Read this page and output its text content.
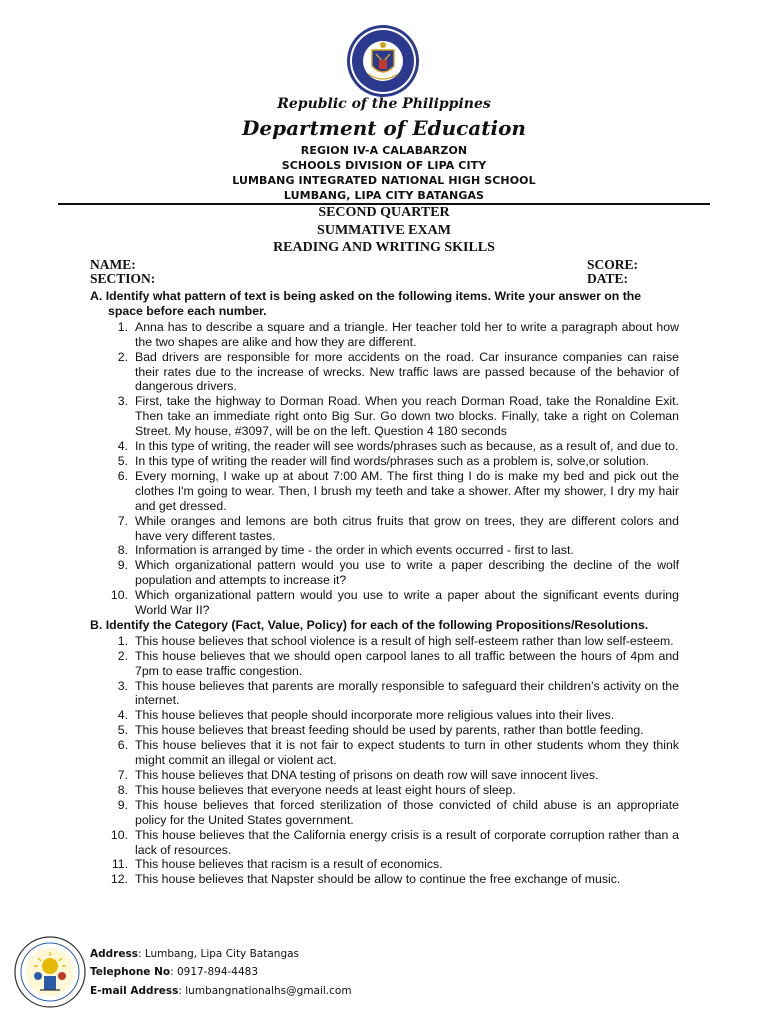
Republic of the Philippines
Department of Education
REGION IV-A CALABARZON
SCHOOLS DIVISION OF LIPA CITY
LUMBANG INTEGRATED NATIONAL HIGH SCHOOL
LUMBANG, LIPA CITY BATANGAS
SECOND QUARTER
SUMMATIVE EXAM
READING AND WRITING SKILLS
NAME:
SECTION:
SCORE:
DATE:
A. Identify what pattern of text is being asked on the following items. Write your answer on the space before each number.
1. Anna has to describe a square and a triangle. Her teacher told her to write a paragraph about how the two shapes are alike and how they are different.
2. Bad drivers are responsible for more accidents on the road. Car insurance companies can raise their rates due to the increase of wrecks. New traffic laws are passed because of the behavior of dangerous drivers.
3. First, take the highway to Dorman Road. When you reach Dorman Road, take the Ronaldine Exit. Then take an immediate right onto Big Sur. Go down two blocks. Finally, take a right on Coleman Street. My house, #3097, will be on the left. Question 4 180 seconds
4. In this type of writing, the reader will see words/phrases such as because, as a result of, and due to.
5. In this type of writing the reader will find words/phrases such as a problem is, solve,or solution.
6. Every morning, I wake up at about 7:00 AM. The first thing I do is make my bed and pick out the clothes I'm going to wear. Then, I brush my teeth and take a shower. After my shower, I dry my hair and get dressed.
7. While oranges and lemons are both citrus fruits that grow on trees, they are different colors and have very different tastes.
8. Information is arranged by time - the order in which events occurred - first to last.
9. Which organizational pattern would you use to write a paper describing the decline of the wolf population and attempts to increase it?
10. Which organizational pattern would you use to write a paper about the significant events during World War II?
B. Identify the Category (Fact, Value, Policy) for each of the following Propositions/Resolutions.
1. This house believes that school violence is a result of high self-esteem rather than low self-esteem.
2. This house believes that we should open carpool lanes to all traffic between the hours of 4pm and 7pm to ease traffic congestion.
3. This house believes that parents are morally responsible to safeguard their children's activity on the internet.
4. This house believes that people should incorporate more religious values into their lives.
5. This house believes that breast feeding should be used by parents, rather than bottle feeding.
6. This house believes that it is not fair to expect students to turn in other students whom they think might commit an illegal or violent act.
7. This house believes that DNA testing of prisons on death row will save innocent lives.
8. This house believes that everyone needs at least eight hours of sleep.
9. This house believes that forced sterilization of those convicted of child abuse is an appropriate policy for the United States government.
10. This house believes that the California energy crisis is a result of corporate corruption rather than a lack of resources.
11. This house believes that racism is a result of economics.
12. This house believes that Napster should be allow to continue the free exchange of music.
Address: Lumbang, Lipa City Batangas
Telephone No: 0917-894-4483
E-mail Address: lumbangnationalhs@gmail.com
